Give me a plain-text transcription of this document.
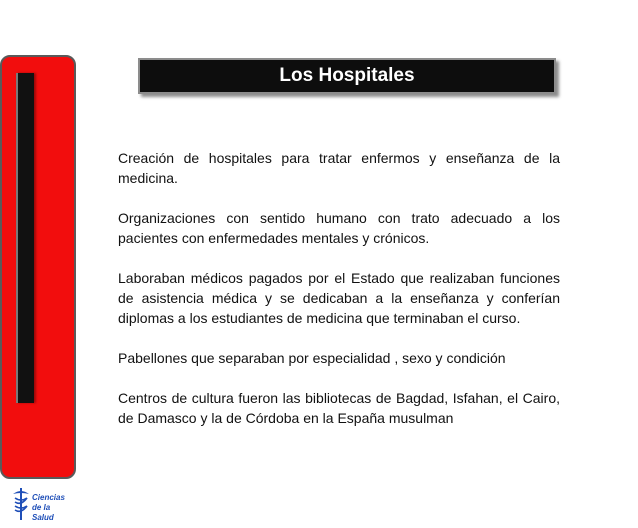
Ciencias
de la Salud
Los Hospitales

Creación de hospitales para tratar enfermos y enseñanza de la medicina.

Organizaciones con sentido humano con trato adecuado a los pacientes con enfermedades mentales y crónicos.

Laboraban médicos pagados por el Estado que realizaban funciones de asistencia médica y se dedicaban a la enseñanza y conferían diplomas a los estudiantes de medicina que terminaban el curso.

Pabellones que separaban por especialidad , sexo y condición

Centros de cultura fueron las bibliotecas de Bagdad, Isfahan, el Cairo, de Damasco y la de Córdoba en la España musulman
